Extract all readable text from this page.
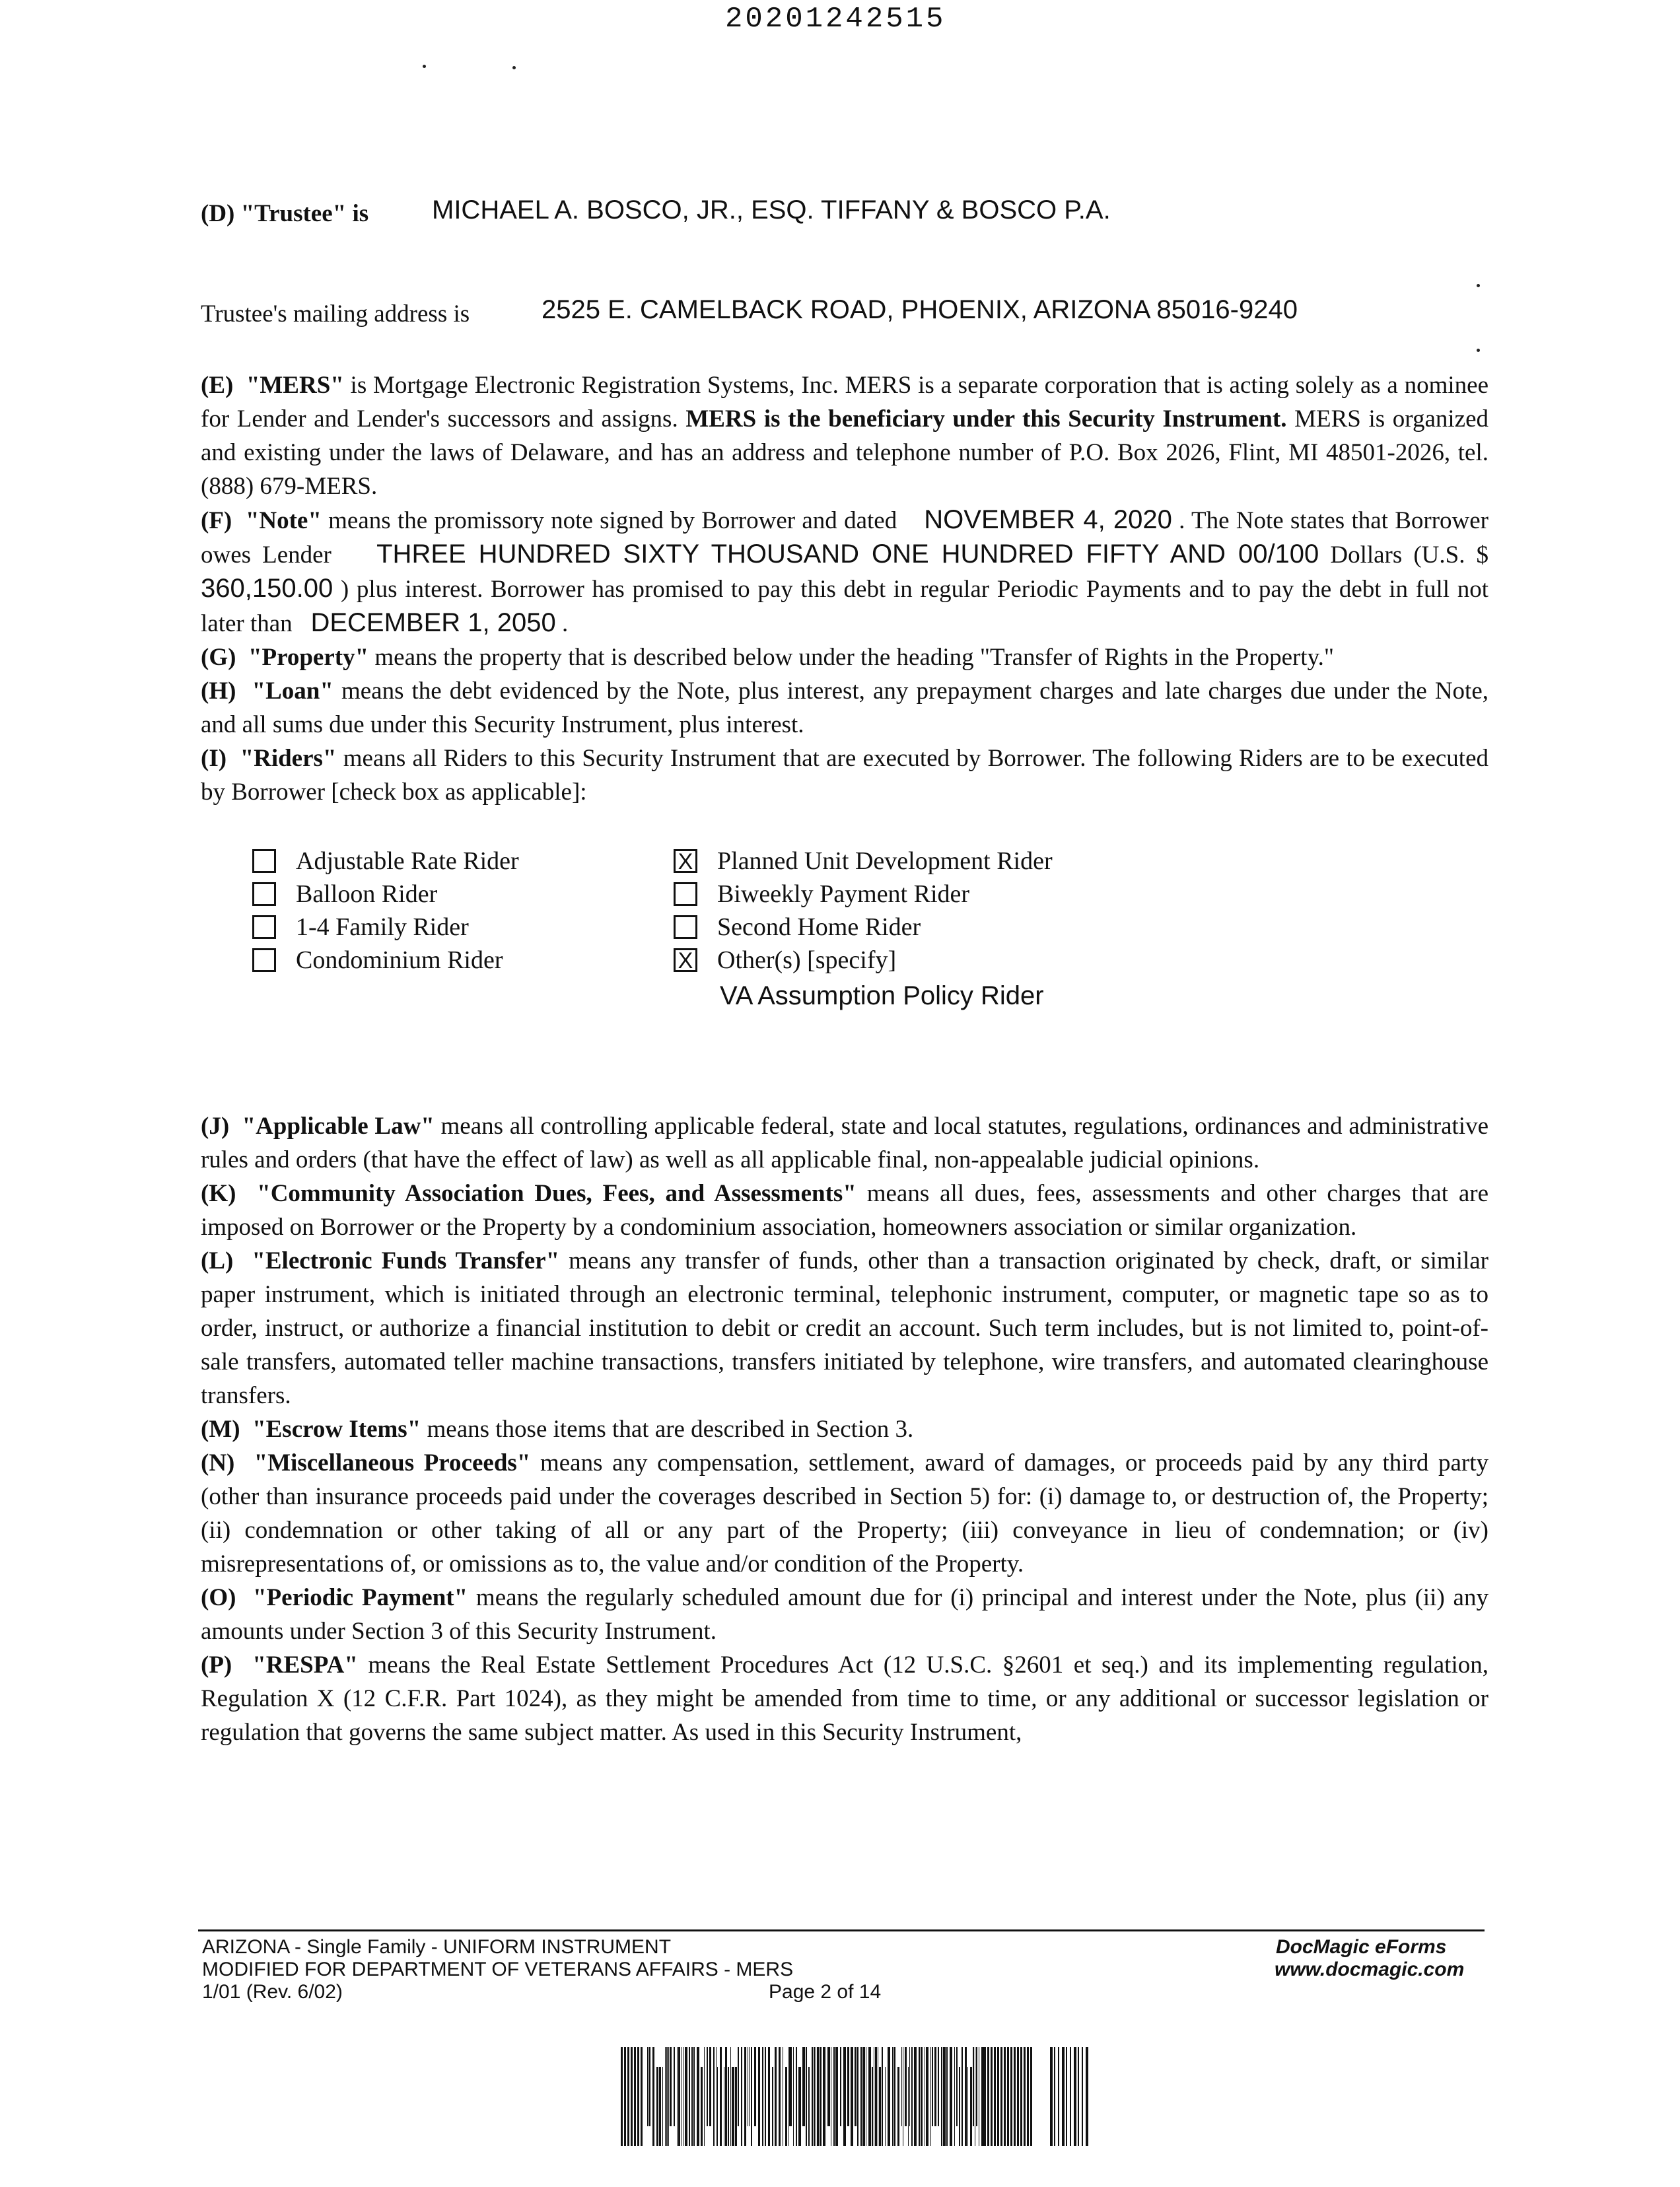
20201242515
(D) "Trustee" is MICHAEL A. BOSCO, JR., ESQ. TIFFANY & BOSCO P.A.
Trustee's mailing address is	2525 E. CAMELBACK ROAD, PHOENIX, ARIZONA 85016-9240

(E) "MERS" is Mortgage Electronic Registration Systems, Inc. MERS is a separate corporation that is acting solely as a nominee for Lender and Lender's successors and assigns. MERS is the beneficiary under this Security Instrument. MERS is organized and existing under the laws of Delaware, and has an address and telephone number of P.O. Box 2026, Flint, MI 48501-2026, tel. (888) 679-MERS.

(F) "Note" means the promissory note signed by Borrower and dated    NOVEMBER 4, 2020 . The Note states that Borrower owes Lender    THREE HUNDRED SIXTY THOUSAND ONE HUNDRED FIFTY AND 00/100 Dollars (U.S. $ 360,150.00 ) plus interest. Borrower has promised to pay this debt in regular Periodic Payments and to pay the debt in full not later than   DECEMBER 1, 2050 .

(G) "Property" means the property that is described below under the heading "Transfer of Rights in the Property."

(H) "Loan" means the debt evidenced by the Note, plus interest, any prepayment charges and late charges due under the Note, and all sums due under this Security Instrument, plus interest.

(I) "Riders" means all Riders to this Security Instrument that are executed by Borrower. The following Riders are to be executed by Borrower [check box as applicable]:

Adjustable Rate Rider
Balloon Rider
1-4 Family Rider
Condominium Rider
X Planned Unit Development Rider
Biweekly Payment Rider
Second Home Rider
X Other(s) [specify]
VA Assumption Policy Rider

(J) "Applicable Law" means all controlling applicable federal, state and local statutes, regulations, ordinances and administrative rules and orders (that have the effect of law) as well as all applicable final, non-appealable judicial opinions.

(K) "Community Association Dues, Fees, and Assessments" means all dues, fees, assessments and other charges that are imposed on Borrower or the Property by a condominium association, homeowners association or similar organization.

(L) "Electronic Funds Transfer" means any transfer of funds, other than a transaction originated by check, draft, or similar paper instrument, which is initiated through an electronic terminal, telephonic instrument, computer, or magnetic tape so as to order, instruct, or authorize a financial institution to debit or credit an account. Such term includes, but is not limited to, point-of-sale transfers, automated teller machine transactions, transfers initiated by telephone, wire transfers, and automated clearinghouse transfers.

(M) "Escrow Items" means those items that are described in Section 3.

(N) "Miscellaneous Proceeds" means any compensation, settlement, award of damages, or proceeds paid by any third party (other than insurance proceeds paid under the coverages described in Section 5) for: (i) damage to, or destruction of, the Property; (ii) condemnation or other taking of all or any part of the Property; (iii) conveyance in lieu of condemnation; or (iv) misrepresentations of, or omissions as to, the value and/or condition of the Property.

(O) "Periodic Payment" means the regularly scheduled amount due for (i) principal and interest under the Note, plus (ii) any amounts under Section 3 of this Security Instrument.

(P) "RESPA" means the Real Estate Settlement Procedures Act (12 U.S.C. §2601 et seq.) and its implementing regulation, Regulation X (12 C.F.R. Part 1024), as they might be amended from time to time, or any additional or successor legislation or regulation that governs the same subject matter. As used in this Security Instrument,

ARIZONA - Single Family - UNIFORM INSTRUMENT
MODIFIED FOR DEPARTMENT OF VETERANS AFFAIRS - MERS
1/01 (Rev. 6/02)	Page 2 of 14
DocMagic eForms
www.docmagic.com
